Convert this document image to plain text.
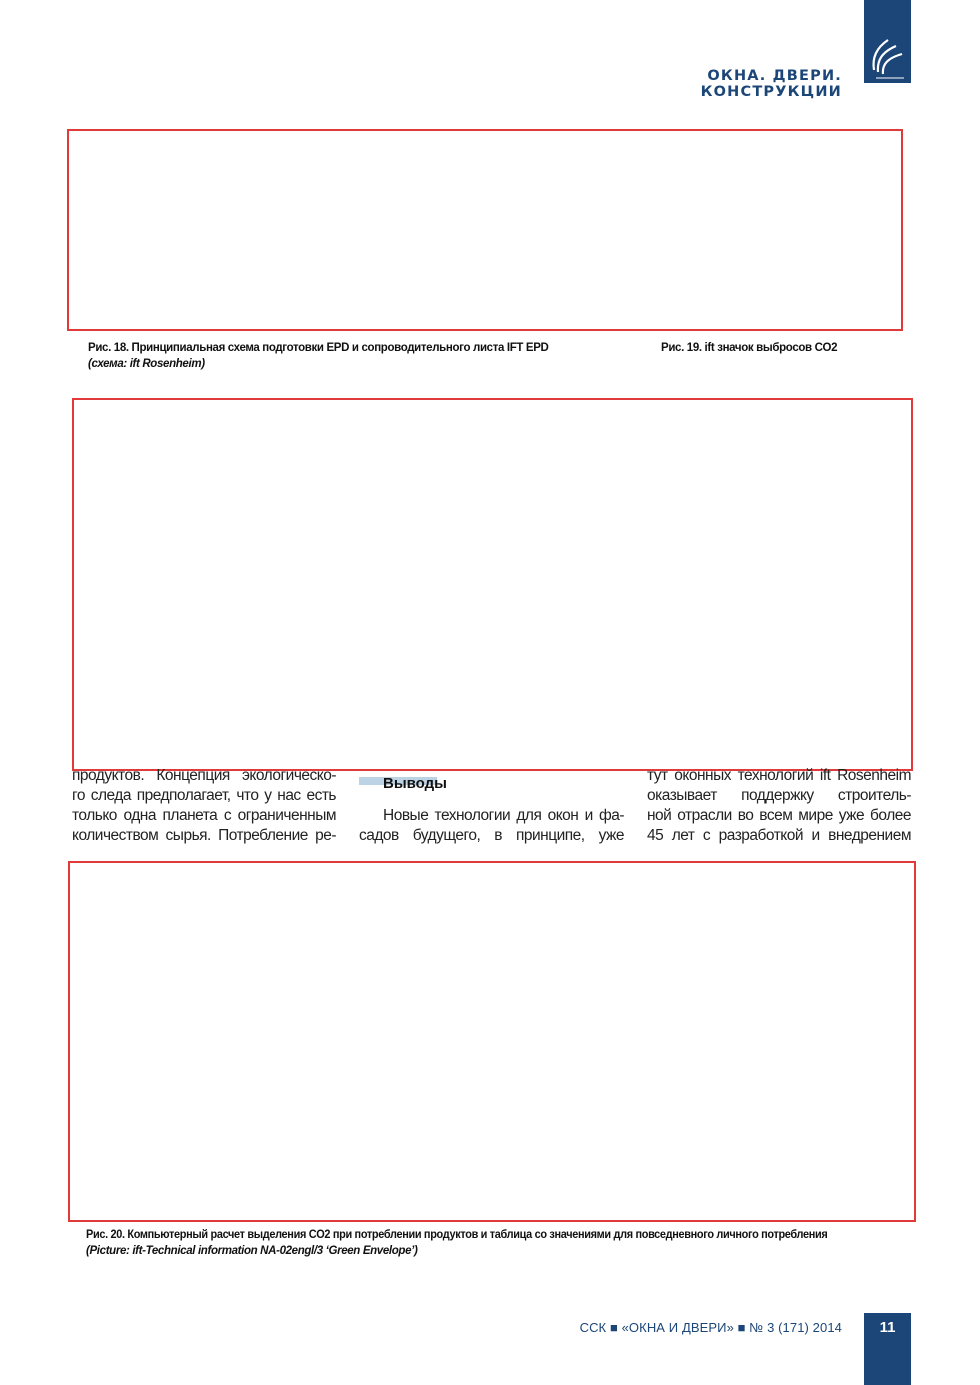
ОКНА. ДВЕРИ. КОНСТРУКЦИИ
Рис. 18. Принципиальная схема подготовки EPD и сопроводительного листа IFT EPD
(схема: ift Rosenheim)
Рис. 19. ift значок выбросов CO2
продуктов. Концепция экологическо-
го следа предполагает, что у нас есть
только одна планета с ограниченным
количеством сырья. Потребление ре-
Выводы
Новые технологии для окон и фа-
садов будущего, в принципе, уже
тут оконных технологий ift Rosenheim
оказывает поддержку строитель-
ной отрасли во всем мире уже более
45 лет с разработкой и внедрением
Рис. 20. Компьютерный расчет выделения CO2 при потреблении продуктов и таблица со значениями для повседневного личного потребления
(Picture: ift-Technical information NA-02engl/3 ‘Green Envelope’)
ССК ■ «ОКНА И ДВЕРИ» ■ № 3 (171) 2014	11
